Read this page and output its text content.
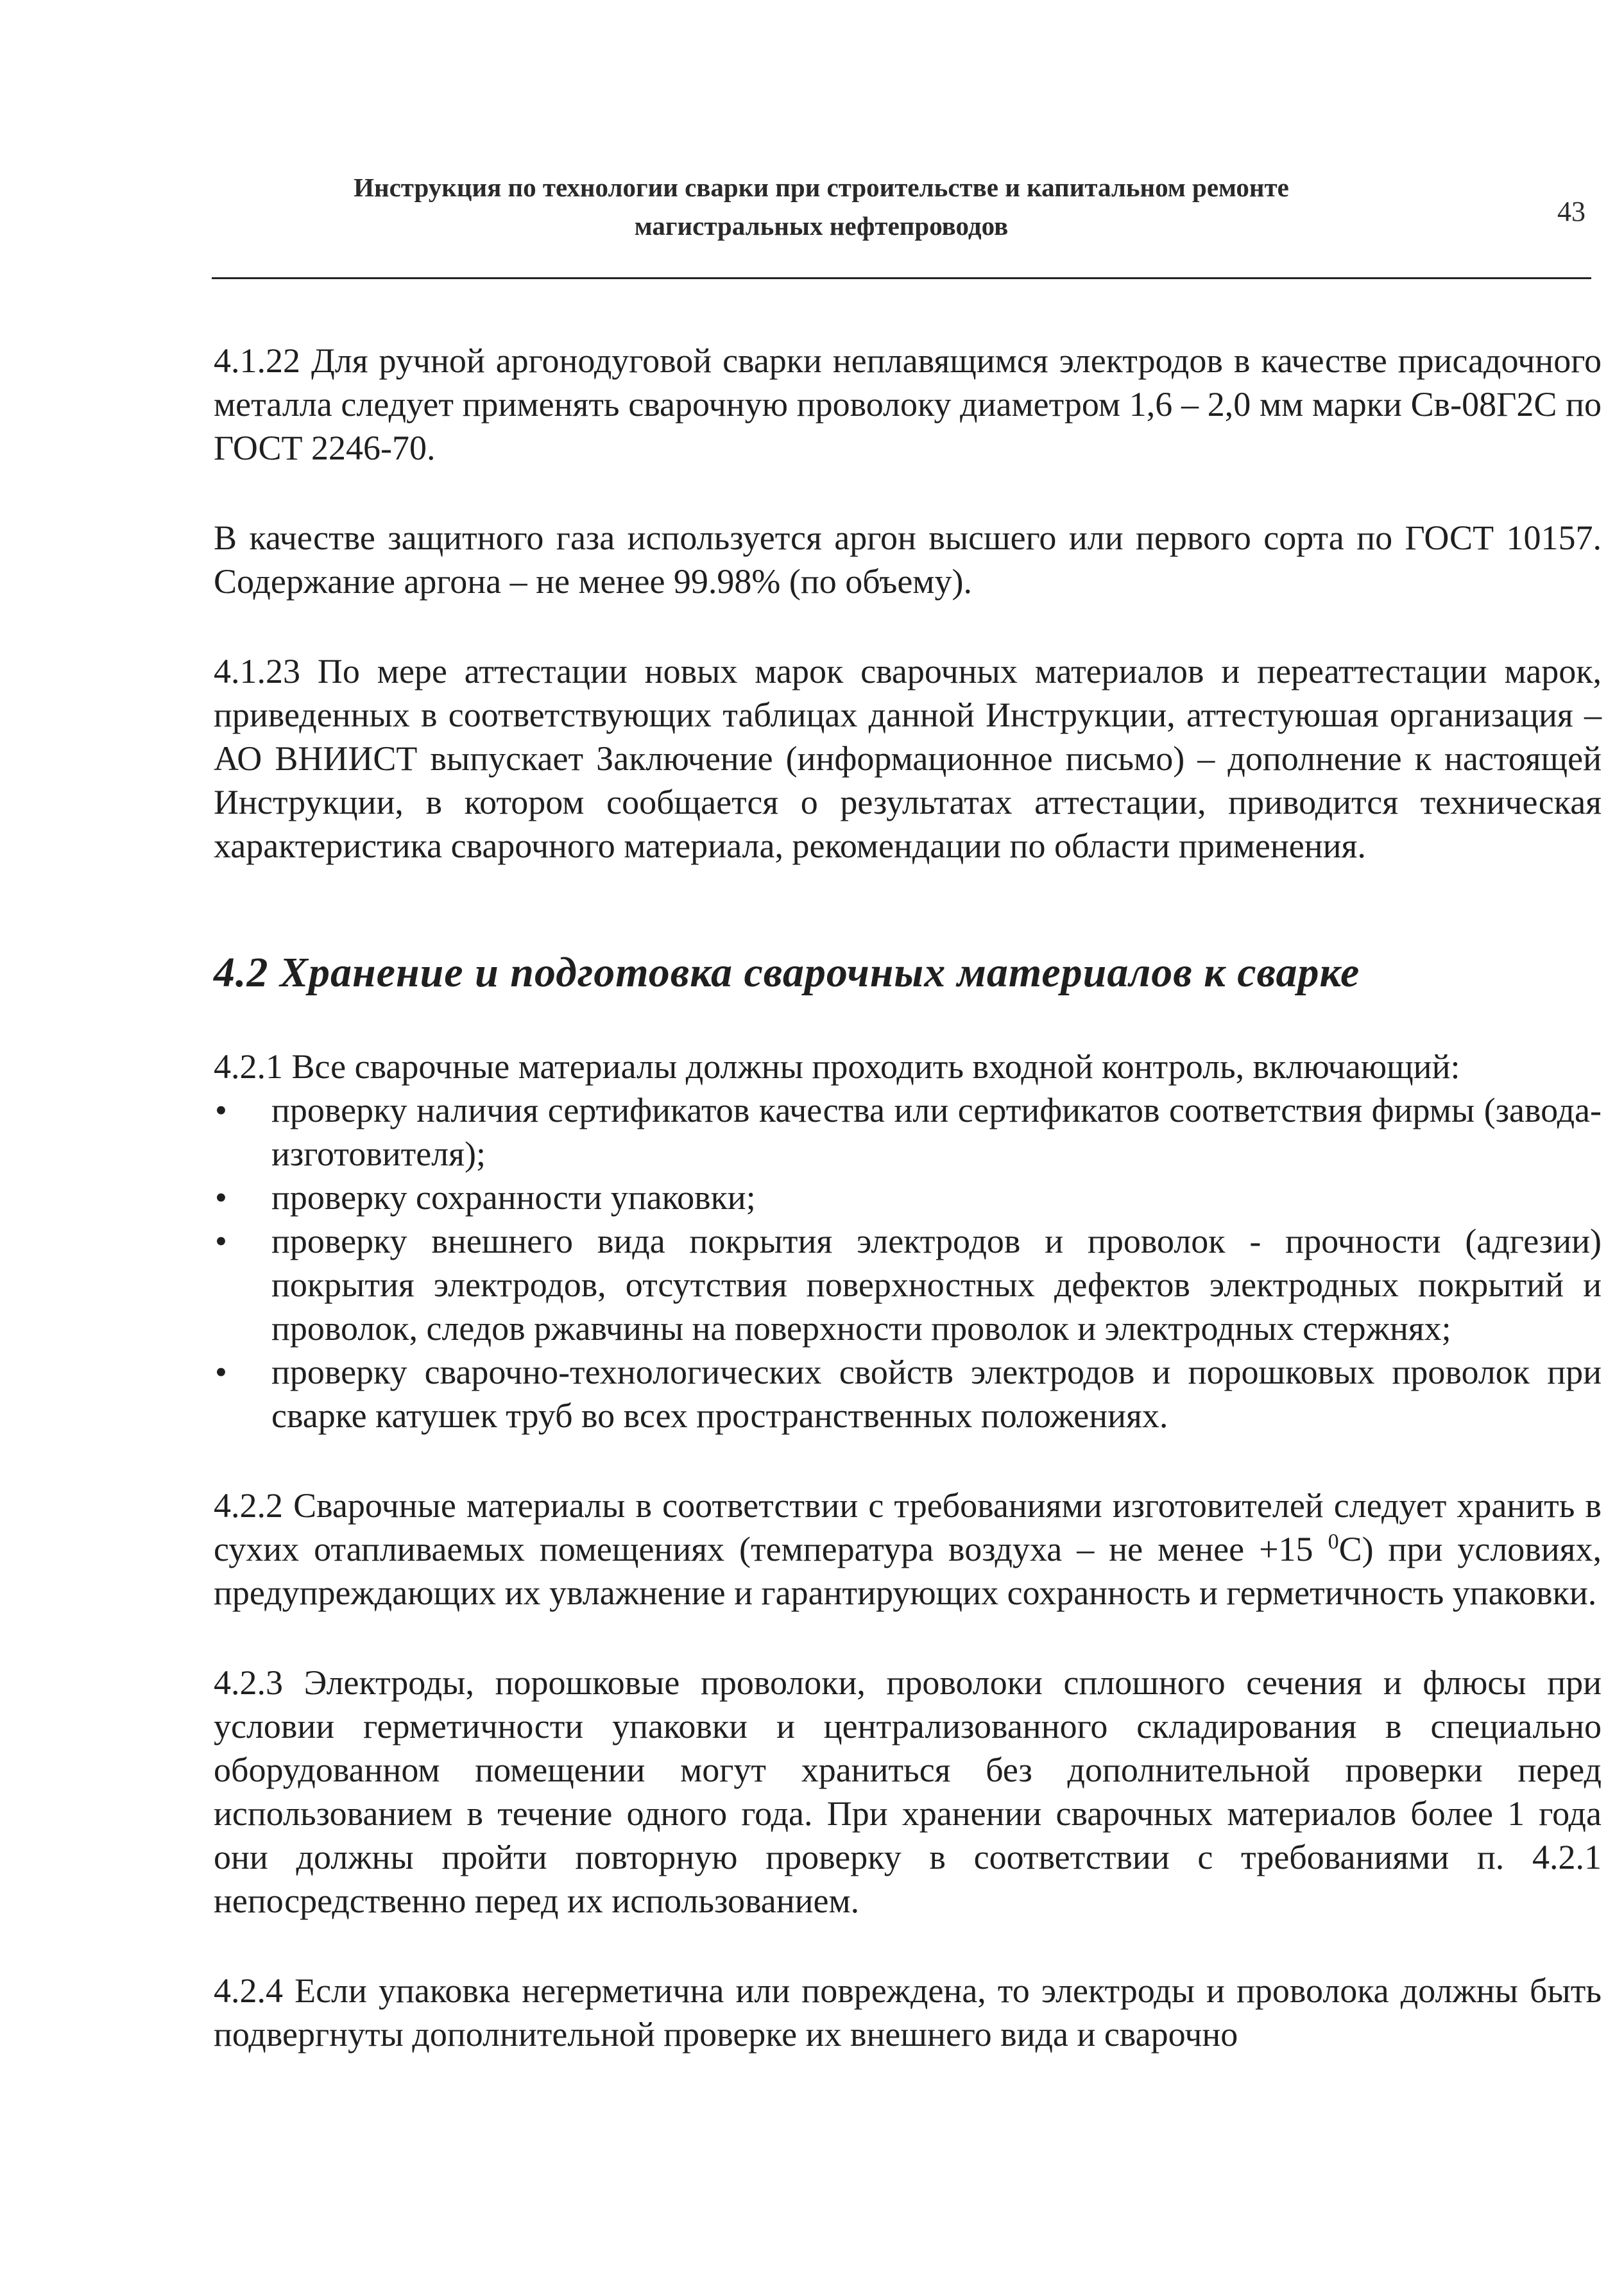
Инструкция по технологии сварки при строительстве и капитальном ремонте
магистральных нефтепроводов	43

4.1.22 Для ручной аргонодуговой сварки неплавящимся электродов в качестве присадочного металла следует применять сварочную проволоку диаметром 1,6 – 2,0 мм марки Св-08Г2С по ГОСТ 2246-70.

В качестве защитного газа используется аргон высшего или первого сорта по ГОСТ 10157. Содержание аргона – не менее 99.98% (по объему).

4.1.23 По мере аттестации новых марок сварочных материалов и переаттестации марок, приведенных в соответствующих таблицах данной Инструкции, аттестуюшая организация – АО ВНИИСТ выпускает Заключение (информационное письмо) – дополнение к настоящей Инструкции, в котором сообщается о результатах аттестации, приводится техническая характеристика сварочного материала, рекомендации по области применения.

4.2 Хранение и подготовка сварочных материалов к сварке

4.2.1 Все сварочные материалы должны проходить входной контроль, включающий:

• проверку наличия сертификатов качества или сертификатов соответствия фирмы (завода-изготовителя);
• проверку сохранности упаковки;
• проверку внешнего вида покрытия электродов и проволок - прочности (адгезии) покрытия электродов, отсутствия поверхностных дефектов электродных покрытий и проволок, следов ржавчины на поверхности проволок и электродных стержнях;
• проверку сварочно-технологических свойств электродов и порошковых проволок при сварке катушек труб во всех пространственных положениях.

4.2.2 Сварочные материалы в соответствии с требованиями изготовителей следует хранить в сухих отапливаемых помещениях (температура воздуха – не менее +15 $^0$С) при условиях, предупреждающих их увлажнение и гарантирующих сохранность и герметичность упаковки.

4.2.3 Электроды, порошковые проволоки, проволоки сплошного сечения и флюсы при условии герметичности упаковки и централизованного складирования в специально оборудованном помещении могут храниться без дополнительной проверки перед использованием в течение одного года. При хранении сварочных материалов более 1 года они должны пройти повторную проверку в соответствии с требованиями п. 4.2.1 непосредственно перед их использованием.

4.2.4 Если упаковка негерметична или повреждена, то электроды и проволока должны быть подвергнуты дополнительной проверке их внешнего вида и сварочно
